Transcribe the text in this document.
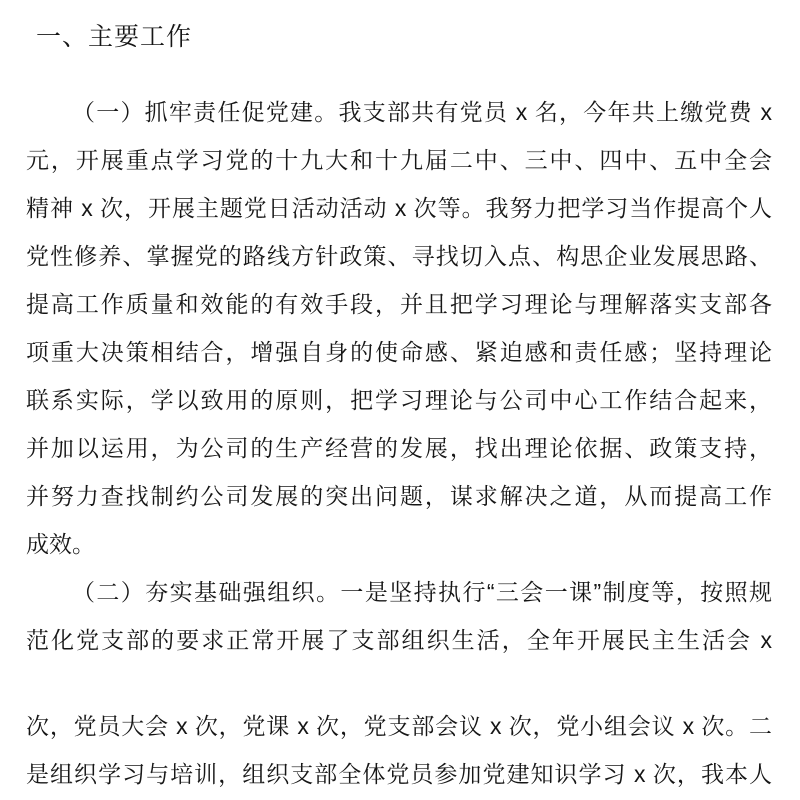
一、主要工作
（一）抓牢责任促党建。我支部共有党员 x 名，今年共上缴党费 x
元，开展重点学习党的十九大和十九届二中、三中、四中、五中全会
精神 x 次，开展主题党日活动活动 x 次等。我努力把学习当作提高个人
党性修养、掌握党的路线方针政策、寻找切入点、构思企业发展思路、
提高工作质量和效能的有效手段，并且把学习理论与理解落实支部各
项重大决策相结合，增强自身的使命感、紧迫感和责任感；坚持理论
联系实际，学以致用的原则，把学习理论与公司中心工作结合起来，
并加以运用，为公司的生产经营的发展，找出理论依据、政策支持，
并努力查找制约公司发展的突出问题，谋求解决之道，从而提高工作
成效。
（二）夯实基础强组织。一是坚持执行“三会一课”制度等，按照规
范化党支部的要求正常开展了支部组织生活，全年开展民主生活会 x
次，党员大会 x 次，党课 x 次，党支部会议 x 次，党小组会议 x 次。二
是组织学习与培训，组织支部全体党员参加党建知识学习 x 次，我本人
